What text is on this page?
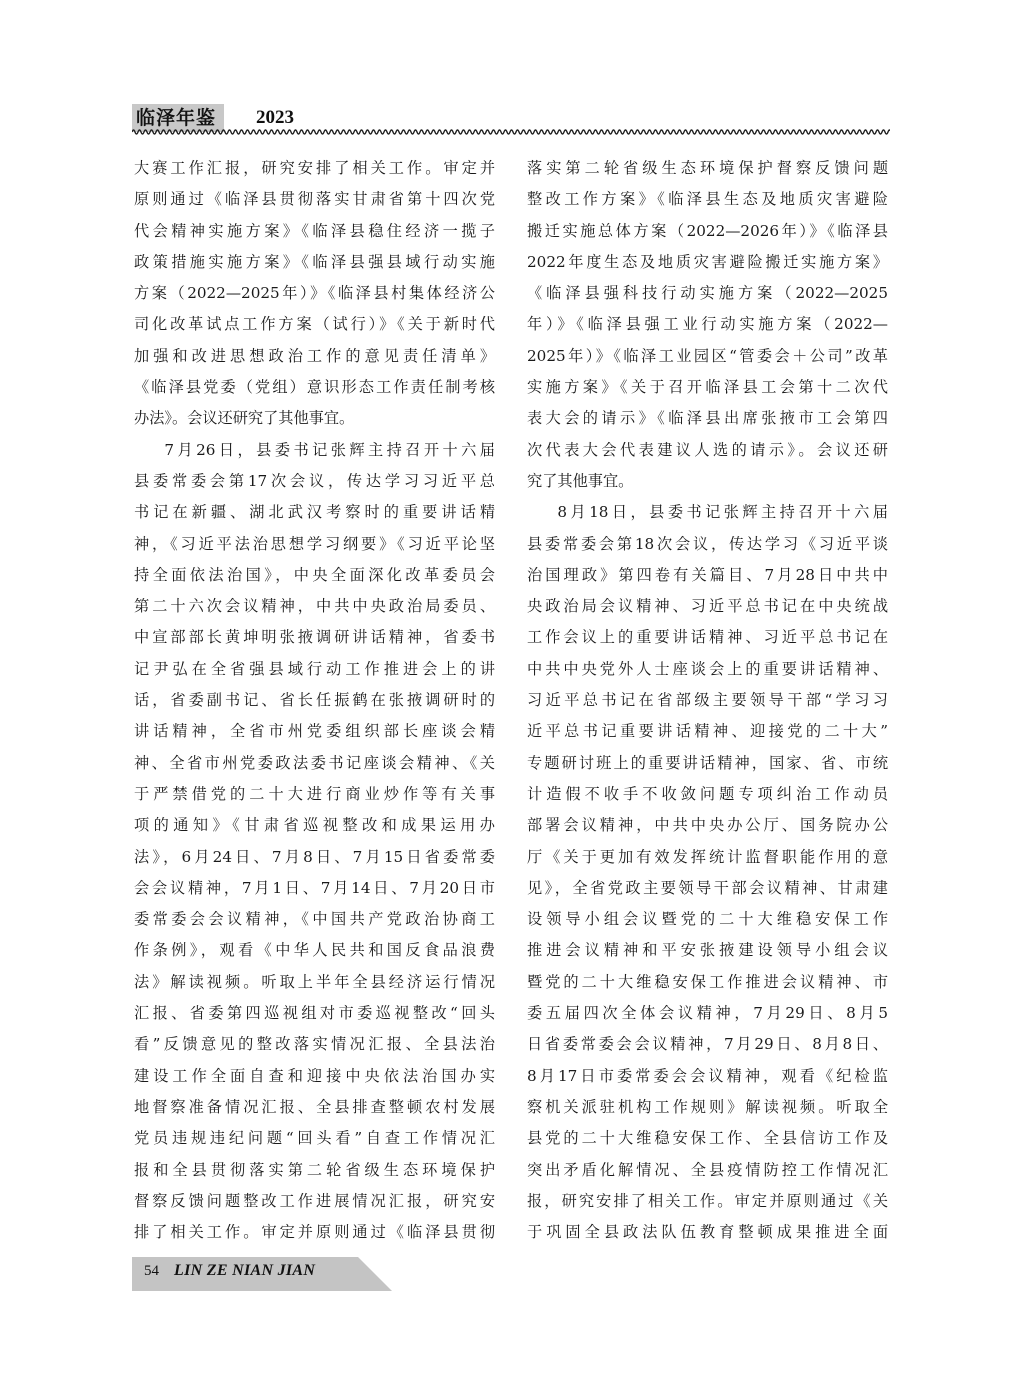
临泽年鉴	2023

大赛工作汇报，研究安排了相关工作。审定并
原则通过《临泽县贯彻落实甘肃省第十四次党
代会精神实施方案》《临泽县稳住经济一揽子
政策措施实施方案》《临泽县强县域行动实施
方案（2022—2025年）》《临泽县村集体经济公
司化改革试点工作方案（试行）》《关于新时代
加强和改进思想政治工作的意见责任清单》
《临泽县党委（党组）意识形态工作责任制考核
办法》。会议还研究了其他事宜。

7月26日，县委书记张辉主持召开十六届
县委常委会第17次会议，传达学习习近平总
书记在新疆、湖北武汉考察时的重要讲话精
神，《习近平法治思想学习纲要》《习近平论坚
持全面依法治国》，中央全面深化改革委员会
第二十六次会议精神，中共中央政治局委员、
中宣部部长黄坤明张掖调研讲话精神，省委书
记尹弘在全省强县域行动工作推进会上的讲
话，省委副书记、省长任振鹤在张掖调研时的
讲话精神，全省市州党委组织部长座谈会精
神、全省市州党委政法委书记座谈会精神、《关
于严禁借党的二十大进行商业炒作等有关事
项的通知》《甘肃省巡视整改和成果运用办
法》，6月24日、7月8日、7月15日省委常委
会会议精神，7月1日、7月14日、7月20日市
委常委会会议精神，《中国共产党政治协商工
作条例》，观看《中华人民共和国反食品浪费
法》解读视频。听取上半年全县经济运行情况
汇报、省委第四巡视组对市委巡视整改“回头
看”反馈意见的整改落实情况汇报、全县法治
建设工作全面自查和迎接中央依法治国办实
地督察准备情况汇报、全县排查整顿农村发展
党员违规违纪问题“回头看”自查工作情况汇
报和全县贯彻落实第二轮省级生态环境保护
督察反馈问题整改工作进展情况汇报，研究安
排了相关工作。审定并原则通过《临泽县贯彻

落实第二轮省级生态环境保护督察反馈问题
整改工作方案》《临泽县生态及地质灾害避险
搬迁实施总体方案（2022—2026年）》《临泽县
2022年度生态及地质灾害避险搬迁实施方案》
《临泽县强科技行动实施方案（2022—2025
年）》《临泽县强工业行动实施方案（2022—
2025年）》《临泽工业园区“管委会＋公司”改革
实施方案》《关于召开临泽县工会第十二次代
表大会的请示》《临泽县出席张掖市工会第四
次代表大会代表建议人选的请示》。会议还研
究了其他事宜。

8月18日，县委书记张辉主持召开十六届
县委常委会第18次会议，传达学习《习近平谈
治国理政》第四卷有关篇目、7月28日中共中
央政治局会议精神、习近平总书记在中央统战
工作会议上的重要讲话精神、习近平总书记在
中共中央党外人士座谈会上的重要讲话精神、
习近平总书记在省部级主要领导干部“学习习
近平总书记重要讲话精神、迎接党的二十大”
专题研讨班上的重要讲话精神，国家、省、市统
计造假不收手不收敛问题专项纠治工作动员
部署会议精神，中共中央办公厅、国务院办公
厅《关于更加有效发挥统计监督职能作用的意
见》，全省党政主要领导干部会议精神、甘肃建
设领导小组会议暨党的二十大维稳安保工作
推进会议精神和平安张掖建设领导小组会议
暨党的二十大维稳安保工作推进会议精神、市
委五届四次全体会议精神，7月29日、8月5
日省委常委会会议精神，7月29日、8月8日、
8月17日市委常委会会议精神，观看《纪检监
察机关派驻机构工作规则》解读视频。听取全
县党的二十大维稳安保工作、全县信访工作及
突出矛盾化解情况、全县疫情防控工作情况汇
报，研究安排了相关工作。审定并原则通过《关
于巩固全县政法队伍教育整顿成果推进全面

54 LIN ZE NIAN JIAN
